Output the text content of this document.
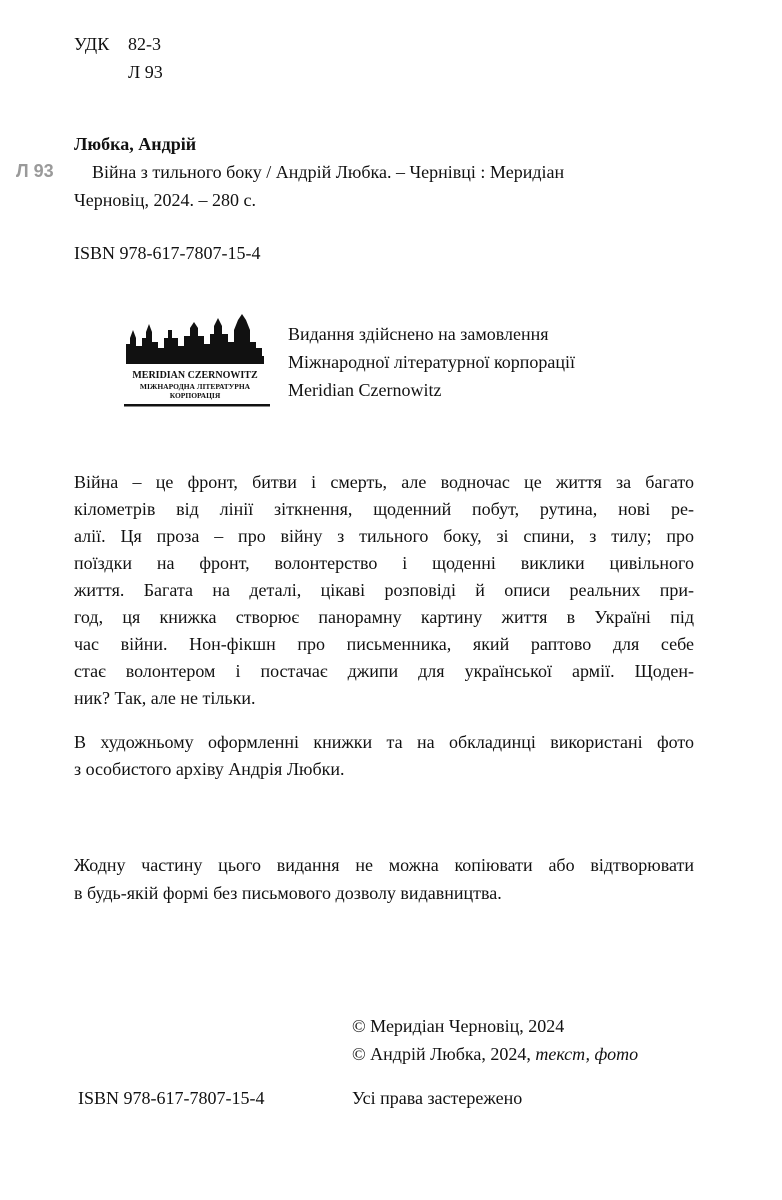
УДК 82-3
Л 93
Любка, Андрій
Л 93	Війна з тильного боку / Андрій Любка. – Чернівці : Меридіан
Черновіц, 2024. – 280 с.
ISBN 978-617-7807-15-4
MERIDIAN CZERNOWITZ
МІЖНАРОДНА ЛІТЕРАТУРНА
КОРПОРАЦІЯ
Видання здійснено на замовлення
Міжнародної літературної корпорації
Meridian Czernowitz
Війна – це фронт, битви і смерть, але водночас це життя за багато
кілометрів від лінії зіткнення, щоденний побут, рутина, нові ре-
алії. Ця проза – про війну з тильного боку, зі спини, з тилу; про
поїздки на фронт, волонтерство і щоденні виклики цивільного
життя. Багата на деталі, цікаві розповіді й описи реальних при-
год, ця книжка створює панорамну картину життя в Україні під
час війни. Нон-фікшн про письменника, який раптово для себе
стає волонтером і постачає джипи для української армії. Щоден-
ник? Так, але не тільки.
В художньому оформленні книжки та на обкладинці використані фото
з особистого архіву Андрія Любки.
Жодну частину цього видання не можна копіювати або відтворювати
в будь-якій формі без письмового дозволу видавництва.
© Меридіан Черновіц, 2024
© Андрій Любка, 2024, текст, фото
ISBN 978-617-7807-15-4	Усі права застережено
